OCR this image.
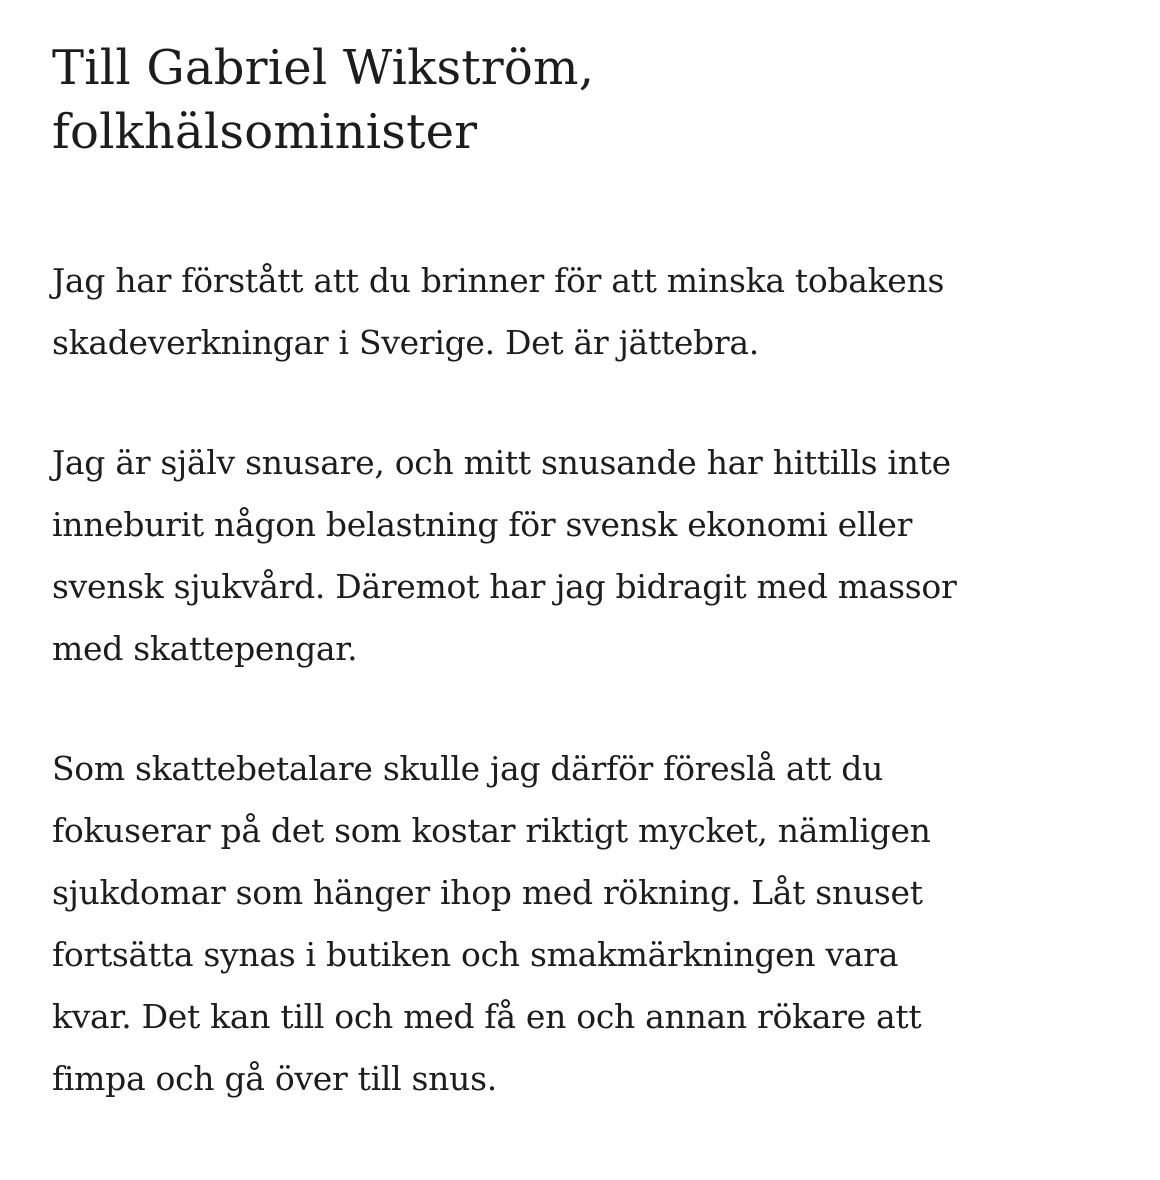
Till Gabriel Wikström,
folkhälsominister

Jag har förstått att du brinner för att minska tobakens
skadeverkningar i Sverige. Det är jättebra.

Jag är själv snusare, och mitt snusande har hittills inte
inneburit någon belastning för svensk ekonomi eller
svensk sjukvård. Däremot har jag bidragit med massor
med skattepengar.

Som skattebetalare skulle jag därför föreslå att du
fokuserar på det som kostar riktigt mycket, nämligen
sjukdomar som hänger ihop med rökning. Låt snuset
fortsätta synas i butiken och smakmärkningen vara
kvar. Det kan till och med få en och annan rökare att
fimpa och gå över till snus.
